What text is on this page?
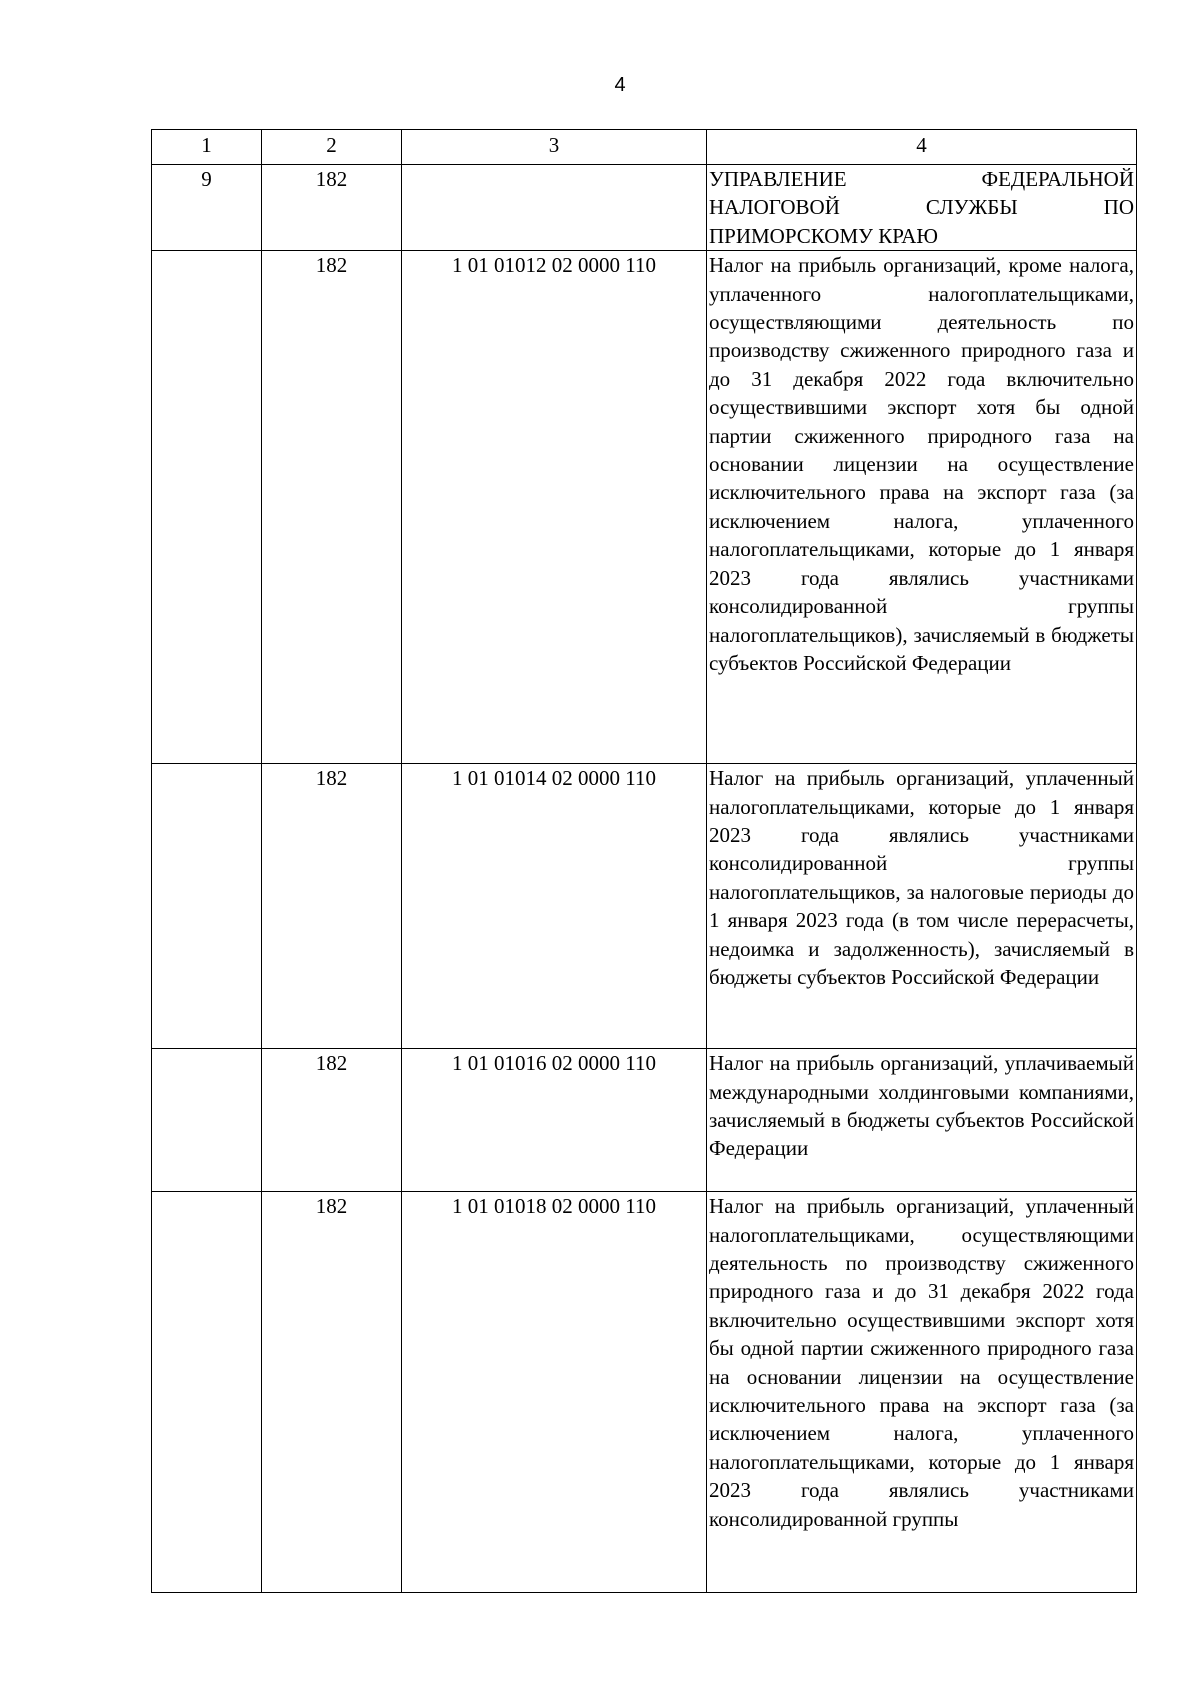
4
1	2	3	4
9	182		УПРАВЛЕНИЕ ФЕДЕРАЛЬНОЙ НАЛОГОВОЙ СЛУЖБЫ ПО ПРИМОРСКОМУ КРАЮ
	182	1 01 01012 02 0000 110	Налог на прибыль организаций, кроме налога, уплаченного налогоплательщиками, осуществляющими деятельность по производству сжиженного природного газа и до 31 декабря 2022 года включительно осуществившими экспорт хотя бы одной партии сжиженного природного газа на основании лицензии на осуществление исключительного права на экспорт газа (за исключением налога, уплаченного налогоплательщиками, которые до 1 января 2023 года являлись участниками консолидированной группы налогоплательщиков), зачисляемый в бюджеты субъектов Российской Федерации
	182	1 01 01014 02 0000 110	Налог на прибыль организаций, уплаченный налогоплательщиками, которые до 1 января 2023 года являлись участниками консолидированной группы налогоплательщиков, за налоговые периоды до 1 января 2023 года (в том числе перерасчеты, недоимка и задолженность), зачисляемый в бюджеты субъектов Российской Федерации
	182	1 01 01016 02 0000 110	Налог на прибыль организаций, уплачиваемый международными холдинговыми компаниями, зачисляемый в бюджеты субъектов Российской Федерации
	182	1 01 01018 02 0000 110	Налог на прибыль организаций, уплаченный налогоплательщиками, осуществляющими деятельность по производству сжиженного природного газа и до 31 декабря 2022 года включительно осуществившими экспорт хотя бы одной партии сжиженного природного газа на основании лицензии на осуществление исключительного права на экспорт газа (за исключением налога, уплаченного налогоплательщиками, которые до 1 января 2023 года являлись участниками консолидированной группы
